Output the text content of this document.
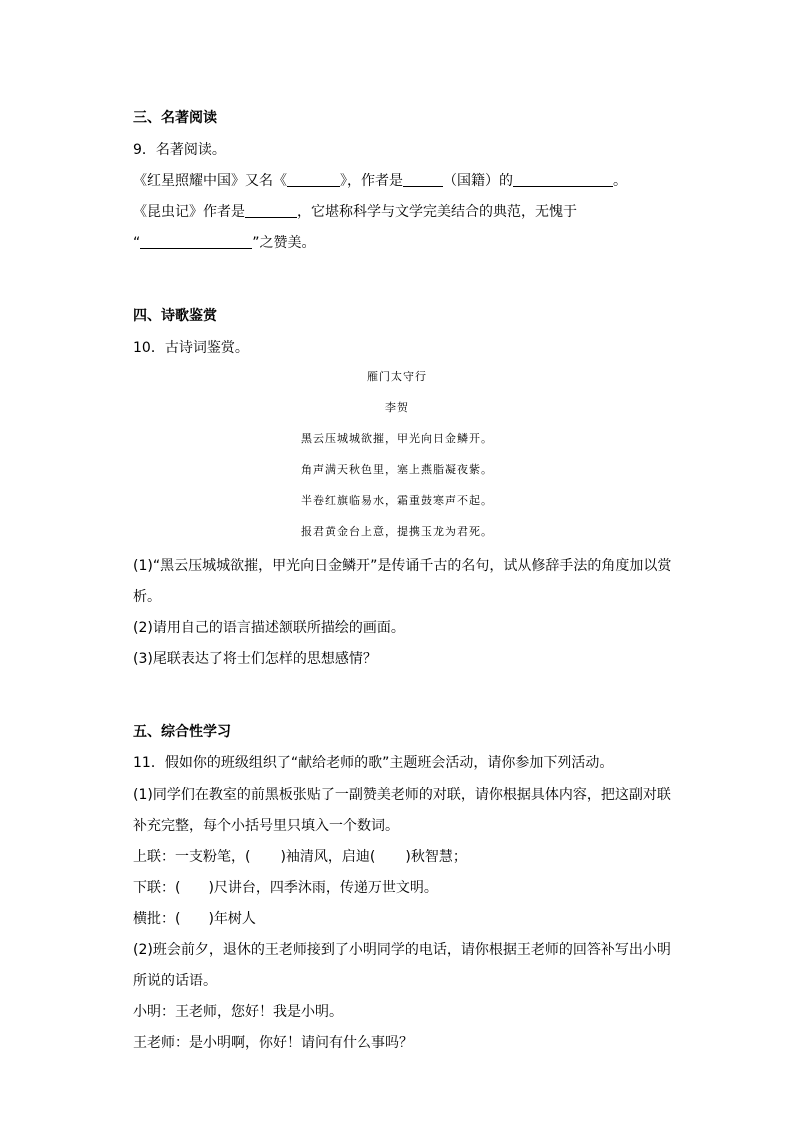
三、名著阅读
9．名著阅读。
《红星照耀中国》又名《	》，作者是	（国籍）的	。
《昆虫记》作者是	，它堪称科学与文学完美结合的典范，无愧于
“	”之赞美。
四、诗歌鉴赏
10．古诗词鉴赏。
雁门太守行
李贺
黑云压城城欲摧，甲光向日金鳞开。
角声满天秋色里，塞上燕脂凝夜紫。
半卷红旗临易水，霜重鼓寒声不起。
报君黄金台上意，提携玉龙为君死。
(1)“黑云压城城欲摧，甲光向日金鳞开”是传诵千古的名句，试从修辞手法的角度加以赏
析。
(2)请用自己的语言描述颔联所描绘的画面。
(3)尾联表达了将士们怎样的思想感情？
五、综合性学习
11．假如你的班级组织了“献给老师的歌”主题班会活动，请你参加下列活动。
(1)同学们在教室的前黑板张贴了一副赞美老师的对联，请你根据具体内容，把这副对联
补充完整，每个小括号里只填入一个数词。
上联：一支粉笔，( )袖清风，启迪( )秋智慧；
下联：( )尺讲台，四季沐雨，传递万世文明。
横批：( )年树人
(2)班会前夕，退休的王老师接到了小明同学的电话，请你根据王老师的回答补写出小明
所说的话语。
小明：王老师，您好！我是小明。
王老师：是小明啊，你好！请问有什么事吗？
